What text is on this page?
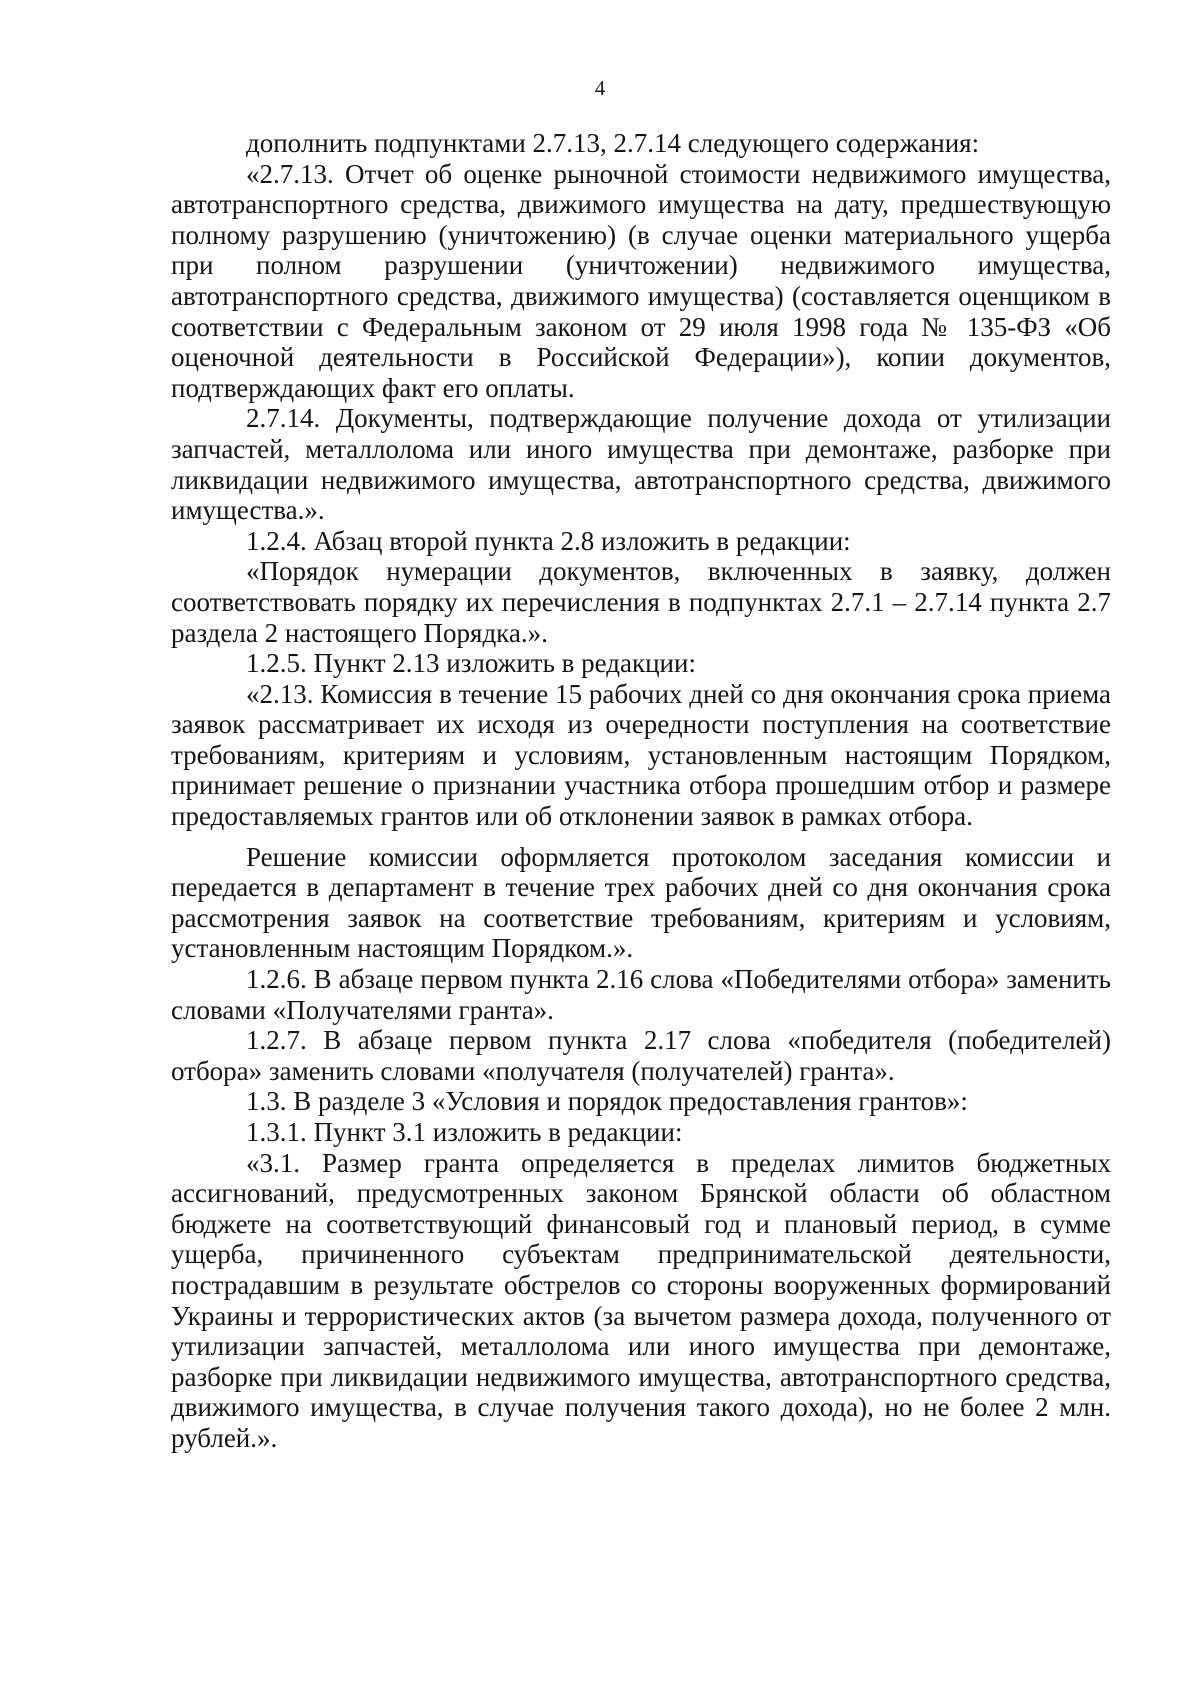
4

дополнить подпунктами 2.7.13, 2.7.14 следующего содержания:

«2.7.13. Отчет об оценке рыночной стоимости недвижимого имущества, автотранспортного средства, движимого имущества на дату, предшествующую полному разрушению (уничтожению) (в случае оценки материального ущерба при полном разрушении (уничтожении) недвижимого имущества, автотранспортного средства, движимого имущества) (составляется оценщиком в соответствии с Федеральным законом от 29 июля 1998 года № 135-ФЗ «Об оценочной деятельности в Российской Федерации»), копии документов, подтверждающих факт его оплаты.

2.7.14. Документы, подтверждающие получение дохода от утилизации запчастей, металлолома или иного имущества при демонтаже, разборке при ликвидации недвижимого имущества, автотранспортного средства, движимого имущества.».

1.2.4. Абзац второй пункта 2.8 изложить в редакции:

«Порядок нумерации документов, включенных в заявку, должен соответствовать порядку их перечисления в подпунктах 2.7.1 – 2.7.14 пункта 2.7 раздела 2 настоящего Порядка.».

1.2.5. Пункт 2.13 изложить в редакции:

«2.13. Комиссия в течение 15 рабочих дней со дня окончания срока приема заявок рассматривает их исходя из очередности поступления на соответствие требованиям, критериям и условиям, установленным настоящим Порядком, принимает решение о признании участника отбора прошедшим отбор и размере предоставляемых грантов или об отклонении заявок в рамках отбора.

Решение комиссии оформляется протоколом заседания комиссии и передается в департамент в течение трех рабочих дней со дня окончания срока рассмотрения заявок на соответствие требованиям, критериям и условиям, установленным настоящим Порядком.».

1.2.6. В абзаце первом пункта 2.16 слова «Победителями отбора» заменить словами «Получателями гранта».

1.2.7. В абзаце первом пункта 2.17 слова «победителя (победителей) отбора» заменить словами «получателя (получателей) гранта».

1.3. В разделе 3 «Условия и порядок предоставления грантов»:

1.3.1. Пункт 3.1 изложить в редакции:

«3.1. Размер гранта определяется в пределах лимитов бюджетных ассигнований, предусмотренных законом Брянской области об областном бюджете на соответствующий финансовый год и плановый период, в сумме ущерба, причиненного субъектам предпринимательской деятельности, пострадавшим в результате обстрелов со стороны вооруженных формирований Украины и террористических актов (за вычетом размера дохода, полученного от утилизации запчастей, металлолома или иного имущества при демонтаже, разборке при ликвидации недвижимого имущества, автотранспортного средства, движимого имущества, в случае получения такого дохода), но не более 2 млн. рублей.».
